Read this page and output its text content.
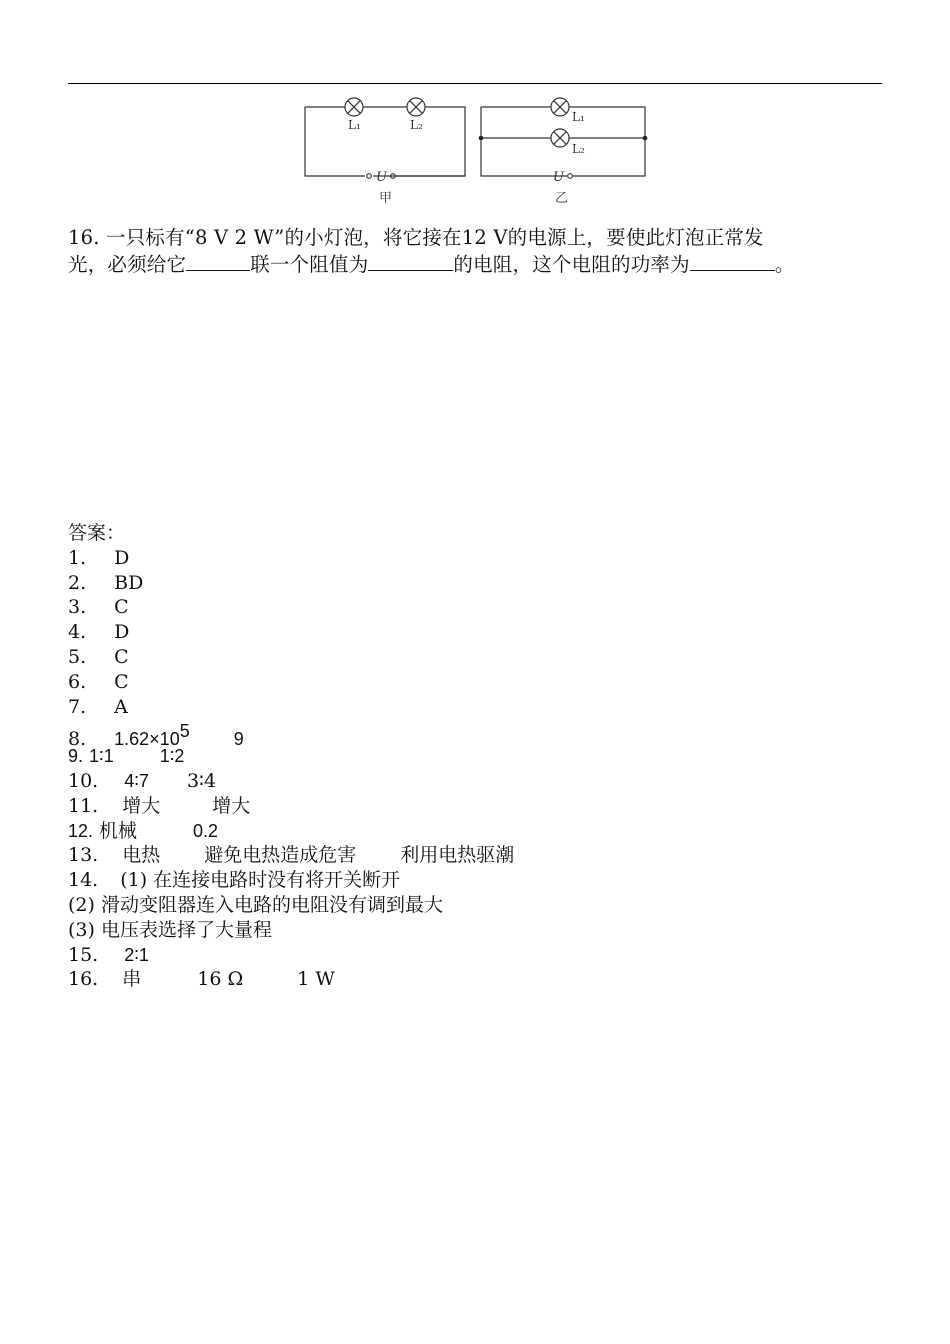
L₁	L₂
U
甲
L₁
L₂
U
乙
16. 一只标有“8 V 2 W”的小灯泡，将它接在12 V的电源上，要使此灯泡正常发
光，必须给它	联一个阻值为	的电阻，这个电阻的功率为	。
答案：
1. D
2. BD
3. C
4. D
5. C
6. C
7. A
8. $1.62\times 10^5$ 9
9. 1∶1	1∶2
10. 4∶7 3∶4
11. 增大	增大
12. 机械	0.2
13. 电热 避免电热造成危害 利用电热驱潮
14. (1) 在连接电路时没有将开关断开
(2) 滑动变阻器连入电路的电阻没有调到最大
(3) 电压表选择了大量程
15. 2∶1
16. 串	16 Ω	1 W
